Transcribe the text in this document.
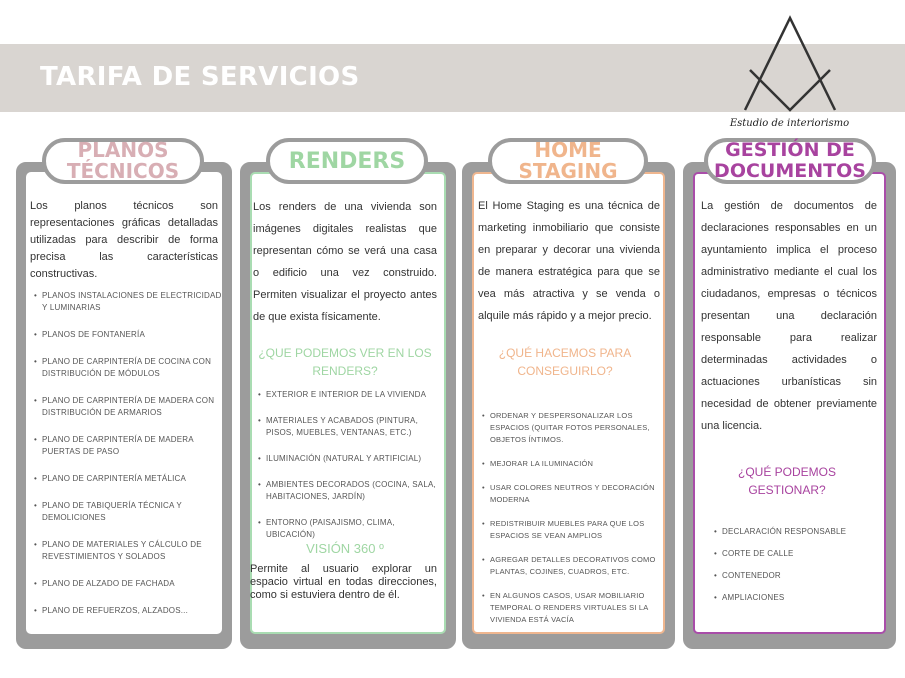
TARIFA DE SERVICIOS
Estudio de interiorismo
PLANOS TÉCNICOS
Los planos técnicos son representaciones gráficas detalladas utilizadas para describir de forma precisa las características constructivas.
• PLANOS INSTALACIONES DE ELECTRICIDAD Y LUMINARIAS
• PLANOS DE FONTANERÍA
• PLANO DE CARPINTERÍA DE COCINA CON DISTRIBUCIÓN DE MÓDULOS
• PLANO DE CARPINTERÍA DE MADERA CON DISTRIBUCIÓN DE ARMARIOS
• PLANO DE CARPINTERÍA DE MADERA PUERTAS DE PASO
• PLANO DE CARPINTERÍA METÁLICA
• PLANO DE TABIQUERÍA TÉCNICA Y DEMOLICIONES
• PLANO DE MATERIALES Y CÁLCULO DE REVESTIMIENTOS Y SOLADOS
• PLANO DE ALZADO DE FACHADA
• PLANO DE REFUERZOS, ALZADOS...
RENDERS
Los renders de una vivienda son imágenes digitales realistas que representan cómo se verá una casa o edificio una vez construido. Permiten visualizar el proyecto antes de que exista físicamente.
¿QUE PODEMOS VER EN LOS RENDERS?
• EXTERIOR E INTERIOR DE LA VIVIENDA
• MATERIALES Y ACABADOS (PINTURA, PISOS, MUEBLES, VENTANAS, ETC.)
• ILUMINACIÓN (NATURAL Y ARTIFICIAL)
• AMBIENTES DECORADOS (COCINA, SALA, HABITACIONES, JARDÍN)
• ENTORNO (PAISAJISMO, CLIMA, UBICACIÓN)
VISIÓN 360 º
Permite al usuario explorar un espacio virtual en todas direcciones, como si estuviera dentro de él.
HOME STAGING
El Home Staging es una técnica de marketing inmobiliario que consiste en preparar y decorar una vivienda de manera estratégica para que se vea más atractiva y se venda o alquile más rápido y a mejor precio.
¿QUÉ HACEMOS PARA CONSEGUIRLO?
• ORDENAR Y DESPERSONALIZAR LOS ESPACIOS (QUITAR FOTOS PERSONALES, OBJETOS ÍNTIMOS.
• MEJORAR LA ILUMINACIÓN
• USAR COLORES NEUTROS Y DECORACIÓN MODERNA
• REDISTRIBUIR MUEBLES PARA QUE LOS ESPACIOS SE VEAN AMPLIOS
• AGREGAR DETALLES DECORATIVOS COMO PLANTAS, COJINES, CUADROS, ETC.
• EN ALGUNOS CASOS, USAR MOBILIARIO TEMPORAL O RENDERS VIRTUALES SI LA VIVIENDA ESTÁ VACÍA
GESTIÓN DE DOCUMENTOS
La gestión de documentos de declaraciones responsables en un ayuntamiento implica el proceso administrativo mediante el cual los ciudadanos, empresas o técnicos presentan una declaración responsable para realizar determinadas actividades o actuaciones urbanísticas sin necesidad de obtener previamente una licencia.
¿QUÉ PODEMOS GESTIONAR?
• DECLARACIÓN RESPONSABLE
• CORTE DE CALLE
• CONTENEDOR
• AMPLIACIONES
